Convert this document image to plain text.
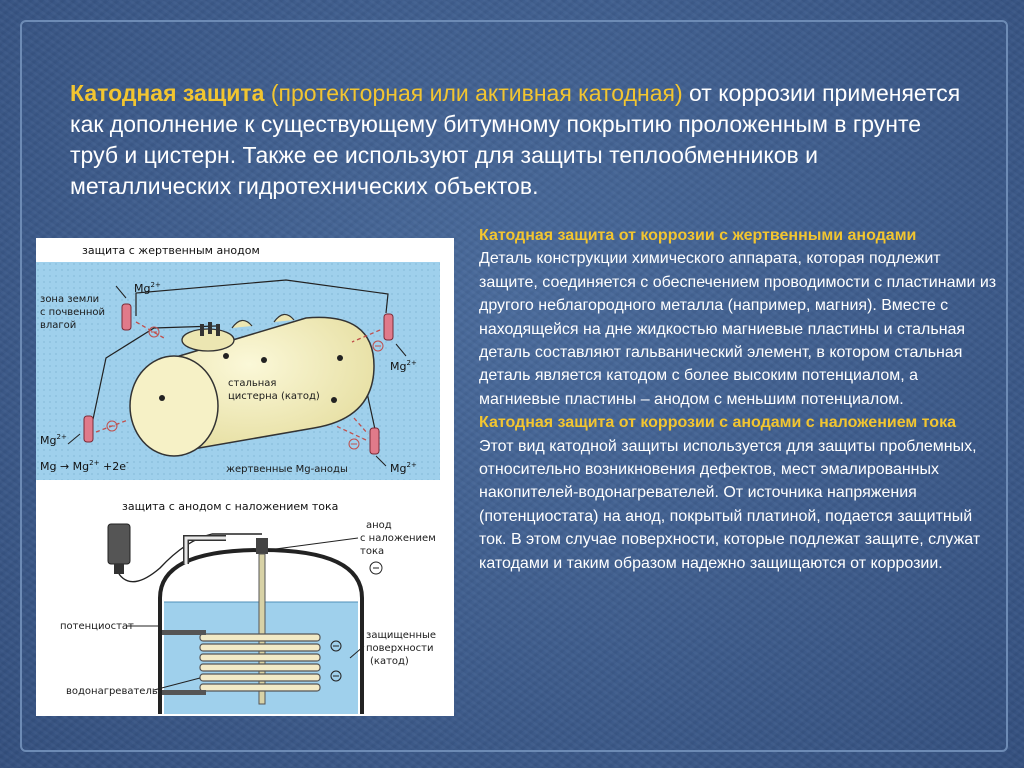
Катодная защита (протекторная или активная катодная) от коррозии применяется как дополнение к существующему битумному покрытию проложенным в грунте труб и цистерн. Также ее используют для защиты теплообменников и металлических гидротехнических объектов.

защита с жертвенным анодом
зона земли
с почвенной
влагой
стальная
цистерна (катод)
$Mg^{2+}$
$Mg^{2+}$
$Mg^{2+}$
$Mg^{2+}$
$Mg \to Mg^{2+} +2e^-$
жертвенные Mg-аноды
защита с анодом с наложением тока
потенциостат
анод
с наложением
тока
защищенные
поверхности
(катод)
водонагреватель

Катодная защита от коррозии с жертвенными анодами

Деталь конструкции химического аппарата, которая подлежит защите, соединяется с обеспечением проводимости с пластинами из другого неблагородного металла (например, магния). Вместе с находящейся на дне жидкостью магниевые пластины и стальная деталь составляют гальванический элемент, в котором стальная деталь является катодом с более высоким потенциалом, а магниевые пластины – анодом с меньшим потенциалом.

Катодная защита от коррозии с анодами с наложением тока

Этот вид катодной защиты используется для защиты проблемных, относительно возникновения дефектов, мест эмалированных накопителей-водонагревателей. От источника напряжения (потенциостата) на анод, покрытый платиной, подается защитный ток. В этом случае поверхности, которые подлежат защите, служат катодами и таким образом надежно защищаются от коррозии.
